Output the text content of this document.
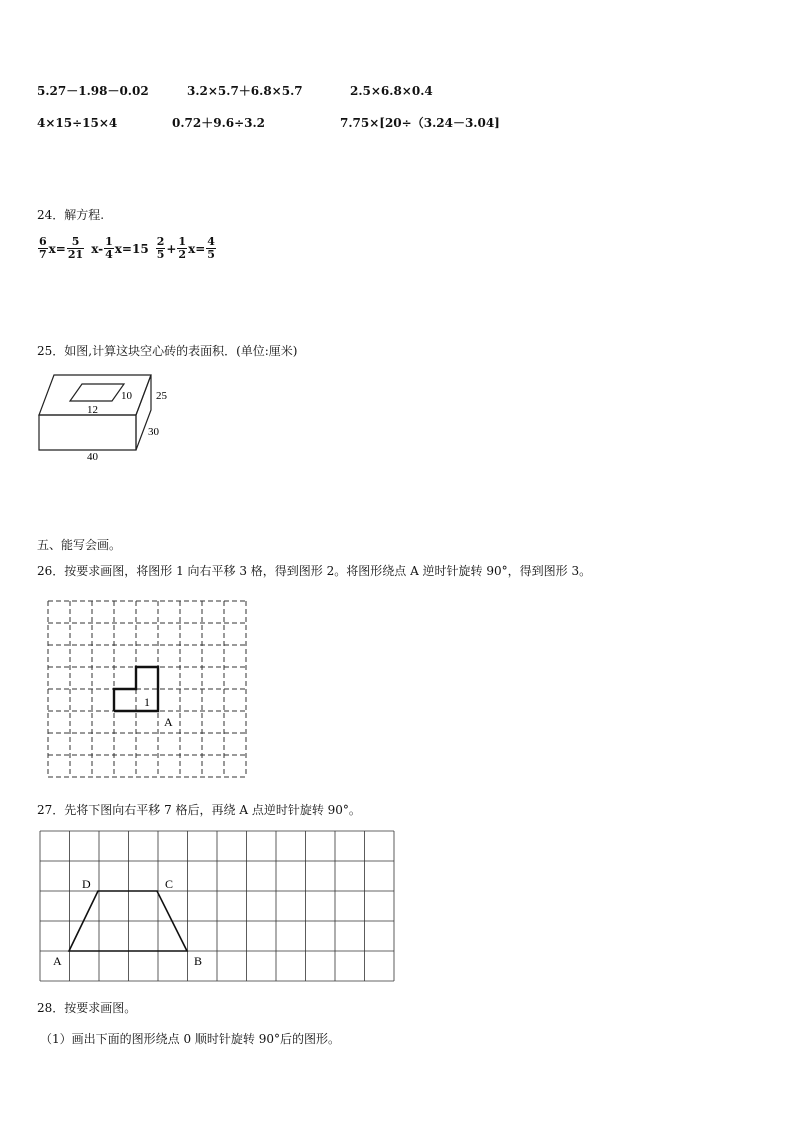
5.27－1.98－0.02	3.2×5.7＋6.8×5.7	2.5×6.8×0.4
4×15÷15×4	0.72＋9.6÷3.2	7.75×[20÷（3.24－3.04]
24．解方程.
$\frac{6}{7} x= \frac{5}{21} x- \frac{1}{4} x=15 \frac{2}{5} + \frac{1}{2} x= \frac{4}{5}$
25．如图,计算这块空心砖的表面积．(单位:厘米)
12
10 25
30
40
五、能写会画。
26．按要求画图，将图形 1 向右平移 3 格，得到图形 2。将图形绕点 A 逆时针旋转 90°，得到图形 3。
1
A
27．先将下图向右平移 7 格后，再绕 A 点逆时针旋转 90°。
A	B
C
D
28．按要求画图。
（1）画出下面的图形绕点 0 顺时针旋转 90°后的图形。
